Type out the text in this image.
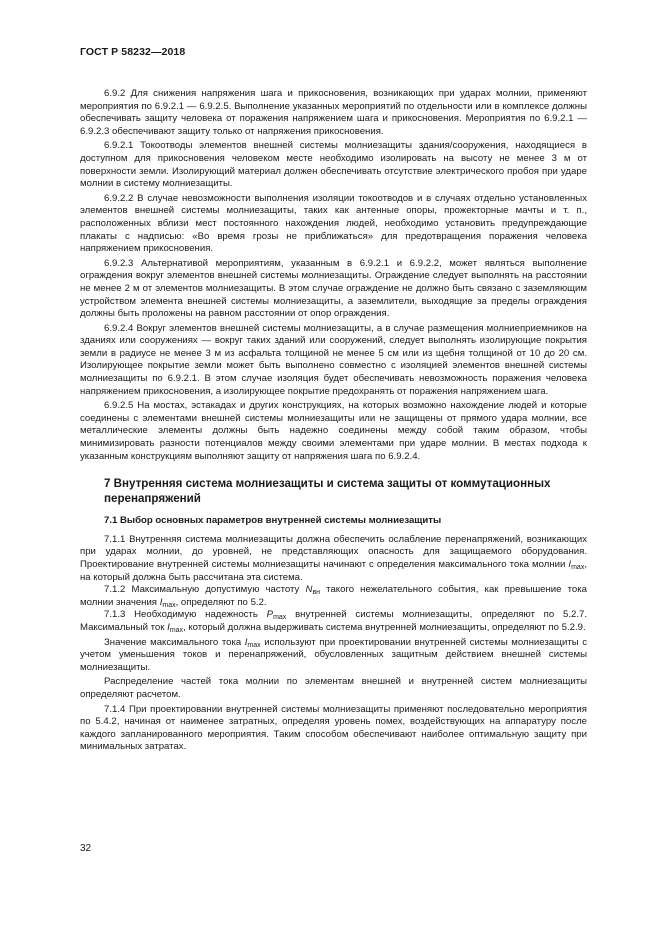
ГОСТ Р 58232—2018

6.9.2 Для снижения напряжения шага и прикосновения, возникающих при ударах молнии, применяют мероприятия по 6.9.2.1 — 6.9.2.5. Выполнение указанных мероприятий по отдельности или в комплексе должны обеспечивать защиту человека от поражения напряжением шага и прикосновения. Мероприятия по 6.9.2.1 — 6.9.2.3 обеспечивают защиту только от напряжения прикосновения.

6.9.2.1 Токоотводы элементов внешней системы молниезащиты здания/сооружения, находящиеся в доступном для прикосновения человеком месте необходимо изолировать на высоту не менее 3 м от поверхности земли. Изолирующий материал должен обеспечивать отсутствие электрического пробоя при ударе молнии в систему молниезащиты.

6.9.2.2 В случае невозможности выполнения изоляции токоотводов и в случаях отдельно установленных элементов внешней системы молниезащиты, таких как антенные опоры, прожекторные мачты и т. п., расположенных вблизи мест постоянного нахождения людей, необходимо установить предупреждающие плакаты с надписью: «Во время грозы не приближаться» для предотвращения поражения человека напряжением прикосновения.

6.9.2.3 Альтернативой мероприятиям, указанным в 6.9.2.1 и 6.9.2.2, может являться выполнение ограждения вокруг элементов внешней системы молниезащиты. Ограждение следует выполнять на расстоянии не менее 2 м от элементов молниезащиты. В этом случае ограждение не должно быть связано с заземляющим устройством элемента внешней системы молниезащиты, а заземлители, выходящие за пределы ограждения должны быть проложены на равном расстоянии от опор ограждения.

6.9.2.4 Вокруг элементов внешней системы молниезащиты, а в случае размещения молниеприемников на зданиях или сооружениях — вокруг таких зданий или сооружений, следует выполнять изолирующие покрытия земли в радиусе не менее 3 м из асфальта толщиной не менее 5 см или из щебня толщиной от 10 до 20 см. Изолирующее покрытие земли может быть выполнено совместно с изоляцией элементов внешней системы молниезащиты по 6.9.2.1. В этом случае изоляция будет обеспечивать невозможность поражения человека напряжением прикосновения, а изолирующее покрытие предохранять от поражения напряжением шага.

6.9.2.5 На мостах, эстакадах и других конструкциях, на которых возможно нахождение людей и которые соединены с элементами внешней системы молниезащиты или не защищены от прямого удара молнии, все металлические элементы должны быть надежно соединены между собой таким образом, чтобы минимизировать разности потенциалов между своими элементами при ударе молнии. В местах подхода к указанным конструкциям выполняют защиту от напряжения шага по 6.9.2.4.

7 Внутренняя система молниезащиты и система защиты от коммутационных перенапряжений
7.1 Выбор основных параметров внутренней системы молниезащиты

7.1.1 Внутренняя система молниезащиты должна обеспечить ослабление перенапряжений, возникающих при ударах молнии, до уровней, не представляющих опасность для защищаемого оборудования. Проектирование внутренней системы молниезащиты начинают с определения максимального тока молнии $I_{max}$, на который должна быть рассчитана эта система.

7.1.2 Максимальную допустимую частоту $N_{вн}$ такого нежелательного события, как превышение тока молнии значения $I_{max}$, определяют по 5.2.

7.1.3 Необходимую надежность $P_{max}$ внутренней системы молниезащиты, определяют по 5.2.7. Максимальный ток $I_{max}$, который должна выдерживать система внутренней молниезащиты, определяют по 5.2.9.

Значение максимального тока $I_{max}$ используют при проектировании внутренней системы молниезащиты с учетом уменьшения токов и перенапряжений, обусловленных защитным действием внешней системы молниезащиты.

Распределение частей тока молнии по элементам внешней и внутренней систем молниезащиты определяют расчетом.

7.1.4 При проектировании внутренней системы молниезащиты применяют последовательно мероприятия по 5.4.2, начиная от наименее затратных, определяя уровень помех, воздействующих на аппаратуру после каждого запланированного мероприятия. Таким способом обеспечивают наиболее оптимальную защиту при минимальных затратах.

32
